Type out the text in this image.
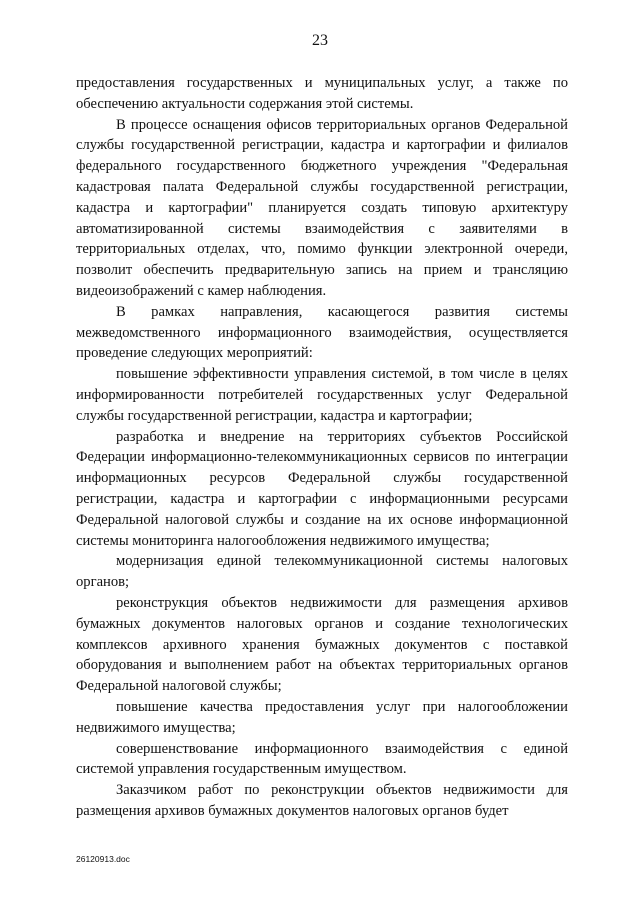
23

предоставления государственных и муниципальных услуг, а также по обеспечению актуальности содержания этой системы.

В процессе оснащения офисов территориальных органов Федеральной службы государственной регистрации, кадастра и картографии и филиалов федерального государственного бюджетного учреждения "Федеральная кадастровая палата Федеральной службы государственной регистрации, кадастра и картографии" планируется создать типовую архитектуру автоматизированной системы взаимодействия с заявителями в территориальных отделах, что, помимо функции электронной очереди, позволит обеспечить предварительную запись на прием и трансляцию видеоизображений с камер наблюдения.

В рамках направления, касающегося развития системы межведомственного информационного взаимодействия, осуществляется проведение следующих мероприятий:

повышение эффективности управления системой, в том числе в целях информированности потребителей государственных услуг Федеральной службы государственной регистрации, кадастра и картографии;

разработка и внедрение на территориях субъектов Российской Федерации информационно-телекоммуникационных сервисов по интеграции информационных ресурсов Федеральной службы государственной регистрации, кадастра и картографии с информационными ресурсами Федеральной налоговой службы и создание на их основе информационной системы мониторинга налогообложения недвижимого имущества;

модернизация единой телекоммуникационной системы налоговых органов;

реконструкция объектов недвижимости для размещения архивов бумажных документов налоговых органов и создание технологических комплексов архивного хранения бумажных документов с поставкой оборудования и выполнением работ на объектах территориальных органов Федеральной налоговой службы;

повышение качества предоставления услуг при налогообложении недвижимого имущества;

совершенствование информационного взаимодействия с единой системой управления государственным имуществом.

Заказчиком работ по реконструкции объектов недвижимости для размещения архивов бумажных документов налоговых органов будет

26120913.doc
